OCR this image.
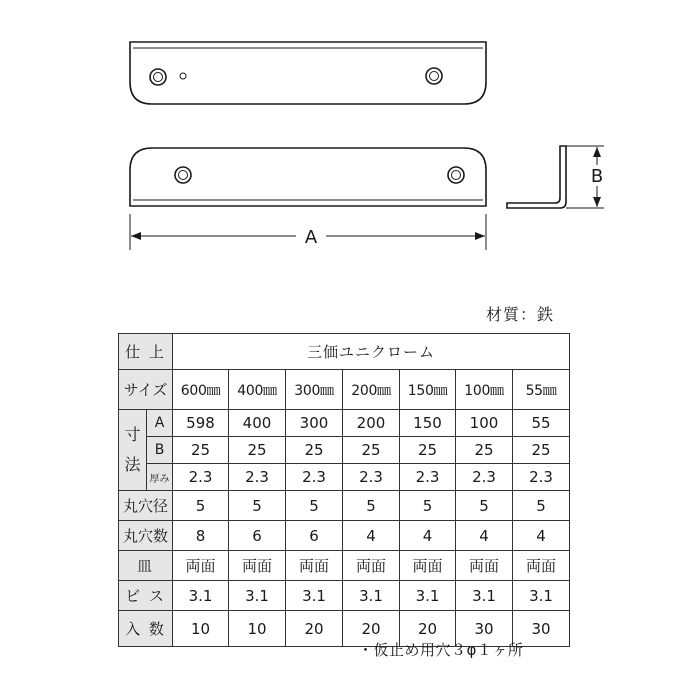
A
B
材質：鉄
仕 上		三価ユニクローム						
サイズ		600㎜	400㎜	300㎜	200㎜	150㎜	100㎜	55㎜

寸
法	A	598	400	300	200	150	100	55
	B	25	25	25	25	25	25	25
	厚み	2.3	2.3	2.3	2.3	2.3	2.3	2.3
丸穴径		5	5	5	5	5	5	5
丸穴数		8	6	6	4	4	4	4
皿		両面	両面	両面	両面	両面	両面	両面
ビ ス		3.1	3.1	3.1	3.1	3.1	3.1	3.1
入 数		10	10	20	20	20	30	30
・仮止め用穴３φ１ヶ所
